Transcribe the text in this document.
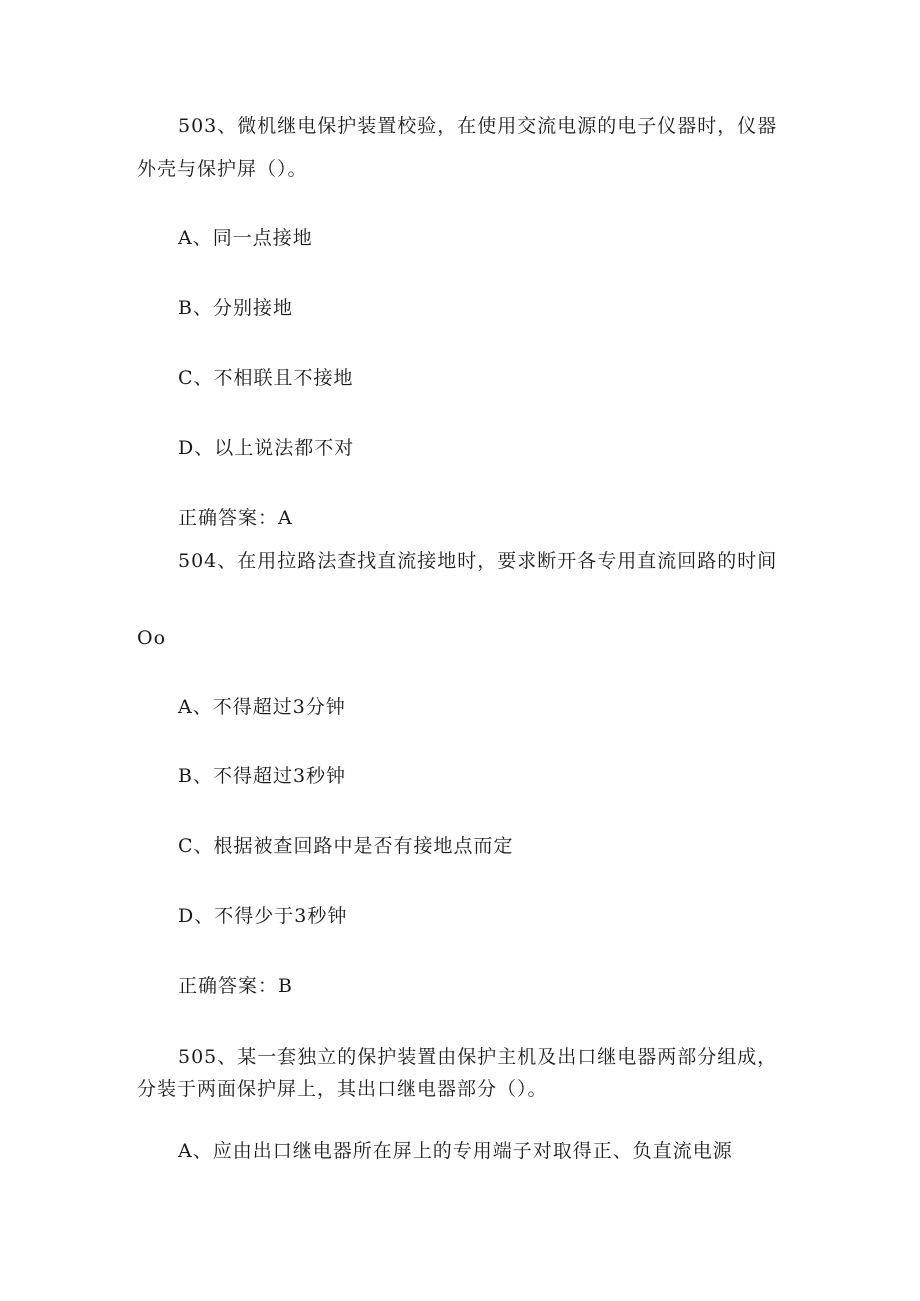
503、微机继电保护装置校验，在使用交流电源的电子仪器时，仪器
外壳与保护屏（）。
A、同一点接地
B、分别接地
C、不相联且不接地
D、以上说法都不对
正确答案：A
504、在用拉路法查找直流接地时，要求断开各专用直流回路的时间
Oo
A、不得超过3分钟
B、不得超过3秒钟
C、根据被查回路中是否有接地点而定
D、不得少于3秒钟
正确答案：B
505、某一套独立的保护装置由保护主机及出口继电器两部分组成，
分装于两面保护屏上，其出口继电器部分（）。
A、应由出口继电器所在屏上的专用端子对取得正、负直流电源
